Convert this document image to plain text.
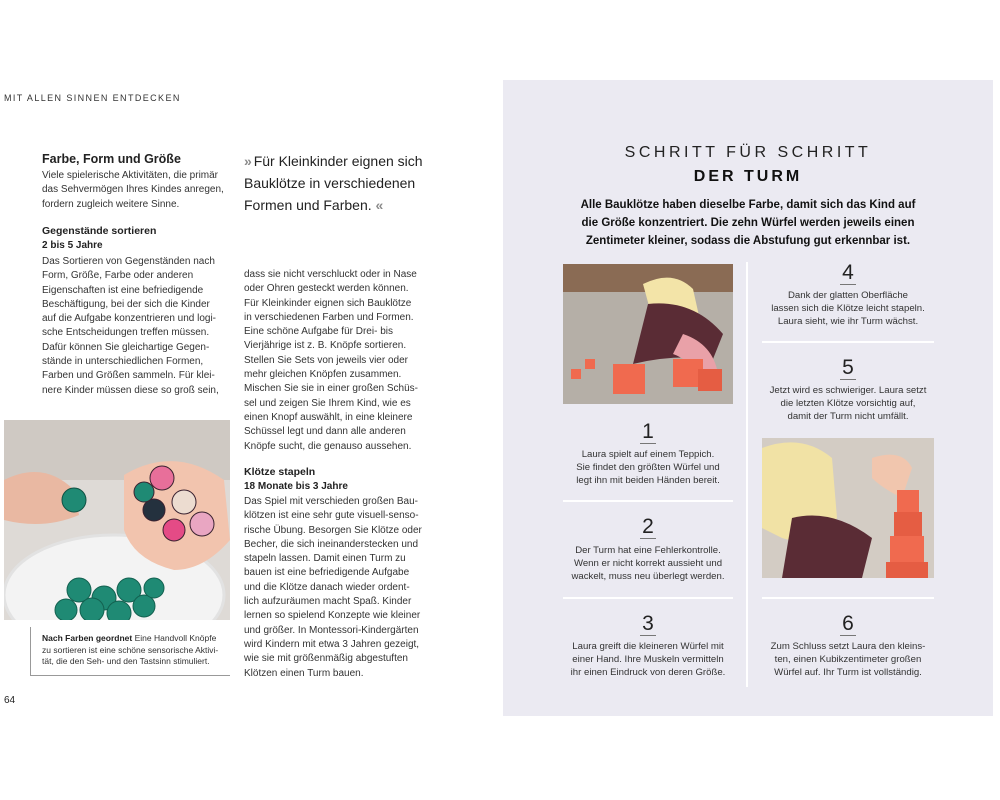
MIT ALLEN SINNEN ENTDECKEN
Farbe, Form und Größe
Viele spielerische Aktivitäten, die primär
das Sehvermögen Ihres Kindes anregen,
fordern zugleich weitere Sinne.
Gegenstände sortieren
2 bis 5 Jahre
Das Sortieren von Gegenständen nach
Form, Größe, Farbe oder anderen
Eigenschaften ist eine befriedigende
Beschäftigung, bei der sich die Kinder
auf die Aufgabe konzentrieren und logi-
sche Entscheidungen treffen müssen.
Dafür können Sie gleichartige Gegen-
stände in unterschiedlichen Formen,
Farben und Größen sammeln. Für klei-
nere Kinder müssen diese so groß sein,
» Für Kleinkinder eignen sich
Bauklötze in verschiedenen
Formen und Farben. «
dass sie nicht verschluckt oder in Nase
oder Ohren gesteckt werden können.
Für Kleinkinder eignen sich Bauklötze
in verschiedenen Farben und Formen.
Eine schöne Aufgabe für Drei- bis
Vierjährige ist z. B. Knöpfe sortieren.
Stellen Sie Sets von jeweils vier oder
mehr gleichen Knöpfen zusammen.
Mischen Sie sie in einer großen Schüs-
sel und zeigen Sie Ihrem Kind, wie es
einen Knopf auswählt, in eine kleinere
Schüssel legt und dann alle anderen
Knöpfe sucht, die genauso aussehen.
Klötze stapeln
18 Monate bis 3 Jahre
Das Spiel mit verschieden großen Bau-
klötzen ist eine sehr gute visuell-senso-
rische Übung. Besorgen Sie Klötze oder
Becher, die sich ineinanderstecken und
stapeln lassen. Damit einen Turm zu
bauen ist eine befriedigende Aufgabe
und die Klötze danach wieder ordent-
lich aufzuräumen macht Spaß. Kinder
lernen so spielend Konzepte wie kleiner
und größer. In Montessori-Kindergärten
wird Kindern mit etwa 3 Jahren gezeigt,
wie sie mit größenmäßig abgestuften
Klötzen einen Turm bauen.
Nach Farben geordnet Eine Handvoll Knöpfe
zu sortieren ist eine schöne sensorische Aktivi-
tät, die den Seh- und den Tastsinn stimuliert.
64
SCHRITT FÜR SCHRITT
DER TURM
Alle Bauklötze haben dieselbe Farbe, damit sich das Kind auf
die Größe konzentriert. Die zehn Würfel werden jeweils einen
Zentimeter kleiner, sodass die Abstufung gut erkennbar ist.
4
Dank der glatten Oberfläche
lassen sich die Klötze leicht stapeln.
Laura sieht, wie ihr Turm wächst.
5
Jetzt wird es schwieriger. Laura setzt
die letzten Klötze vorsichtig auf,
damit der Turm nicht umfällt.
1
Laura spielt auf einem Teppich.
Sie findet den größten Würfel und
legt ihn mit beiden Händen bereit.
2
Der Turm hat eine Fehlerkontrolle.
Wenn er nicht korrekt aussieht und
wackelt, muss neu überlegt werden.
3
Laura greift die kleineren Würfel mit
einer Hand. Ihre Muskeln vermitteln
ihr einen Eindruck von deren Größe.
6
Zum Schluss setzt Laura den kleins-
ten, einen Kubikzentimeter großen
Würfel auf. Ihr Turm ist vollständig.
